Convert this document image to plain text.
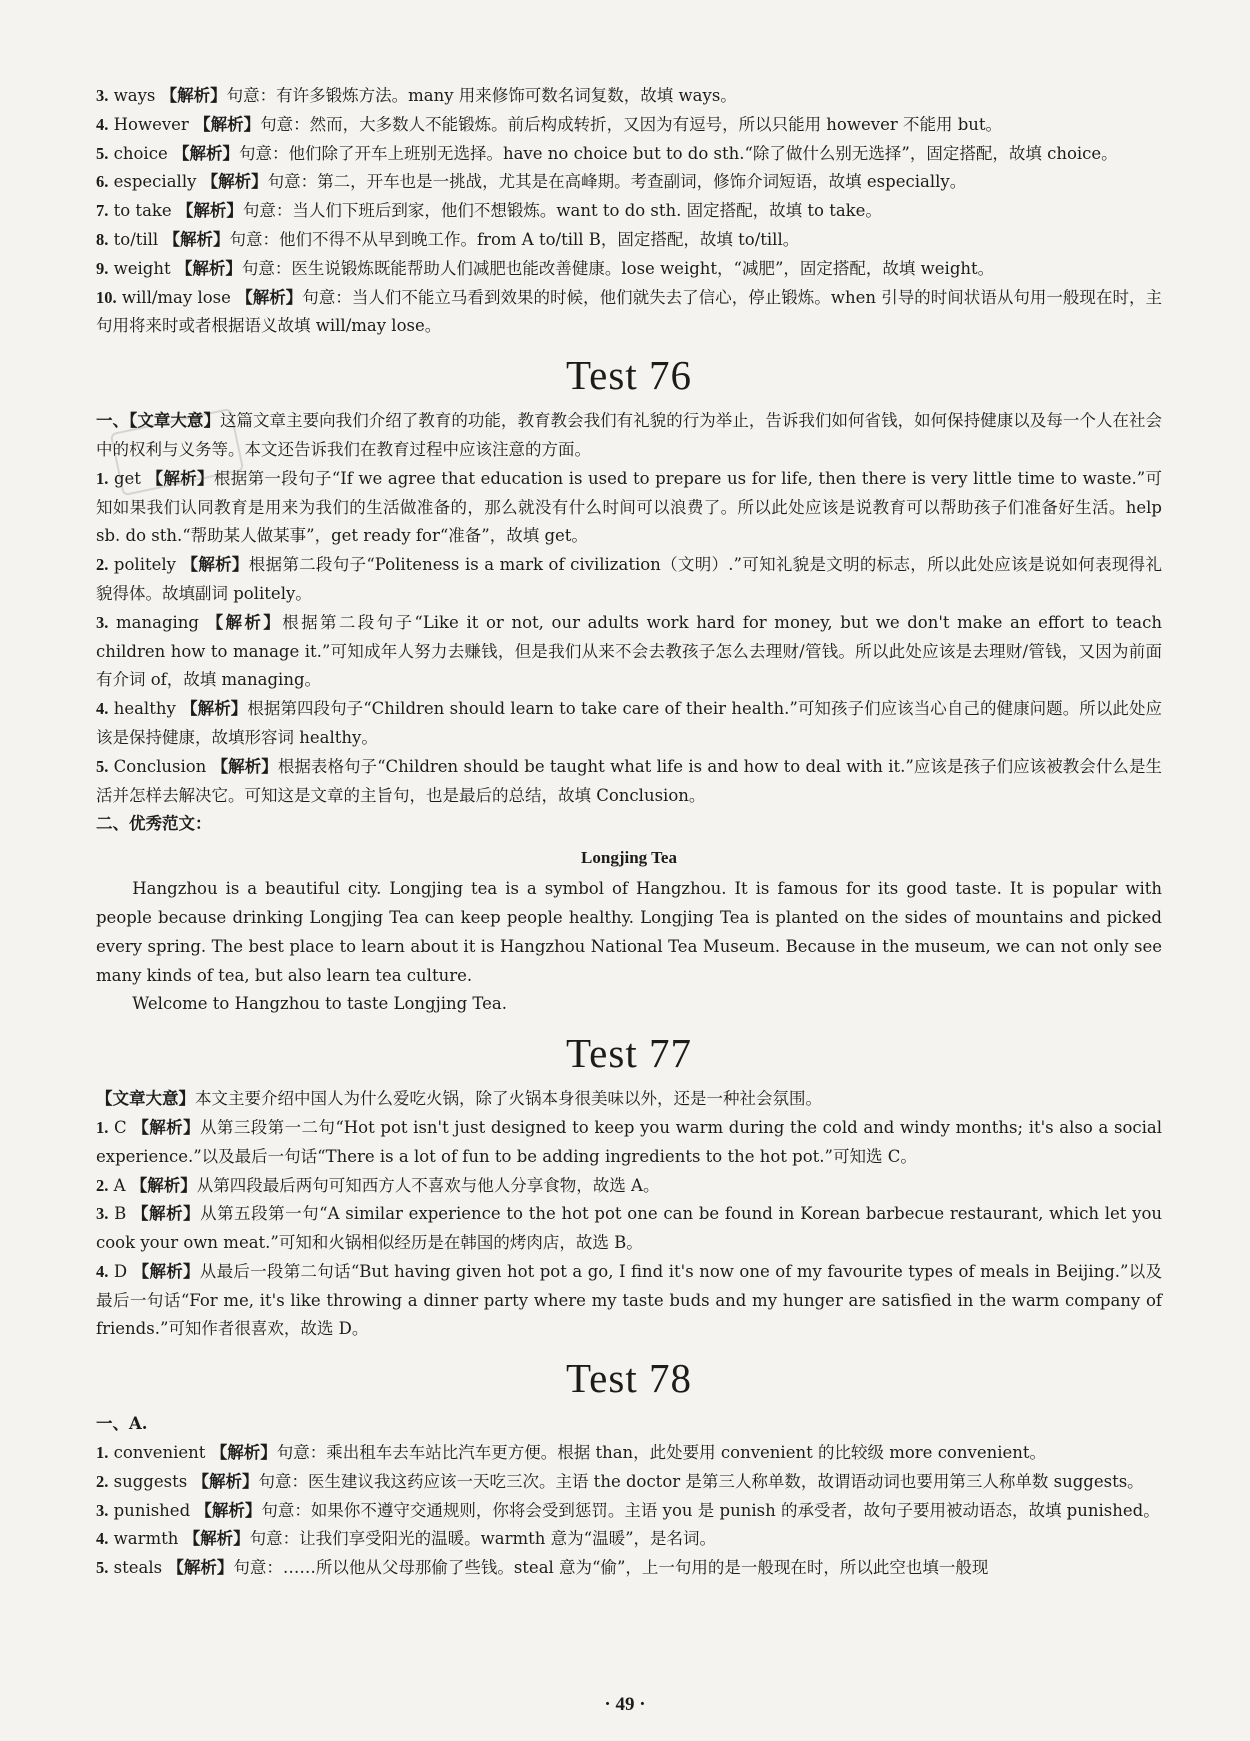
3. ways 【解析】句意：有许多锻炼方法。many 用来修饰可数名词复数，故填 ways。

4. However 【解析】句意：然而，大多数人不能锻炼。前后构成转折，又因为有逗号，所以只能用 however 不能用 but。

5. choice 【解析】句意：他们除了开车上班别无选择。have no choice but to do sth.“除了做什么别无选择”，固定搭配，故填 choice。

6. especially 【解析】句意：第二，开车也是一挑战，尤其是在高峰期。考查副词，修饰介词短语，故填 especially。

7. to take 【解析】句意：当人们下班后到家，他们不想锻炼。want to do sth. 固定搭配，故填 to take。

8. to/till 【解析】句意：他们不得不从早到晚工作。from A to/till B，固定搭配，故填 to/till。

9. weight 【解析】句意：医生说锻炼既能帮助人们减肥也能改善健康。lose weight，“减肥”，固定搭配，故填 weight。

10. will/may lose 【解析】句意：当人们不能立马看到效果的时候，他们就失去了信心，停止锻炼。when 引导的时间状语从句用一般现在时，主句用将来时或者根据语义故填 will/may lose。

Test 76

一、【文章大意】这篇文章主要向我们介绍了教育的功能，教育教会我们有礼貌的行为举止，告诉我们如何省钱，如何保持健康以及每一个人在社会中的权利与义务等。本文还告诉我们在教育过程中应该注意的方面。

1. get 【解析】根据第一段句子“If we agree that education is used to prepare us for life, then there is very little time to waste.”可知如果我们认同教育是用来为我们的生活做准备的，那么就没有什么时间可以浪费了。所以此处应该是说教育可以帮助孩子们准备好生活。help sb. do sth.“帮助某人做某事”，get ready for“准备”，故填 get。

2. politely 【解析】根据第二段句子“Politeness is a mark of civilization（文明）.”可知礼貌是文明的标志，所以此处应该是说如何表现得礼貌得体。故填副词 politely。

3. managing 【解析】根据第二段句子“Like it or not, our adults work hard for money, but we don't make an effort to teach children how to manage it.”可知成年人努力去赚钱，但是我们从来不会去教孩子怎么去理财/管钱。所以此处应该是去理财/管钱，又因为前面有介词 of，故填 managing。

4. healthy 【解析】根据第四段句子“Children should learn to take care of their health.”可知孩子们应该当心自己的健康问题。所以此处应该是保持健康，故填形容词 healthy。

5. Conclusion 【解析】根据表格句子“Children should be taught what life is and how to deal with it.”应该是孩子们应该被教会什么是生活并怎样去解决它。可知这是文章的主旨句，也是最后的总结，故填 Conclusion。

二、优秀范文：

Longjing Tea

Hangzhou is a beautiful city. Longjing tea is a symbol of Hangzhou. It is famous for its good taste. It is popular with people because drinking Longjing Tea can keep people healthy. Longjing Tea is planted on the sides of mountains and picked every spring. The best place to learn about it is Hangzhou National Tea Museum. Because in the museum, we can not only see many kinds of tea, but also learn tea culture.

Welcome to Hangzhou to taste Longjing Tea.

Test 77

【文章大意】本文主要介绍中国人为什么爱吃火锅，除了火锅本身很美味以外，还是一种社会氛围。

1. C 【解析】从第三段第一二句“Hot pot isn't just designed to keep you warm during the cold and windy months; it's also a social experience.”以及最后一句话“There is a lot of fun to be adding ingredients to the hot pot.”可知选 C。

2. A 【解析】从第四段最后两句可知西方人不喜欢与他人分享食物，故选 A。

3. B 【解析】从第五段第一句“A similar experience to the hot pot one can be found in Korean barbecue restaurant, which let you cook your own meat.”可知和火锅相似经历是在韩国的烤肉店，故选 B。

4. D 【解析】从最后一段第二句话“But having given hot pot a go, I find it's now one of my favourite types of meals in Beijing.”以及最后一句话“For me, it's like throwing a dinner party where my taste buds and my hunger are satisfied in the warm company of friends.”可知作者很喜欢，故选 D。

Test 78

一、A.

1. convenient 【解析】句意：乘出租车去车站比汽车更方便。根据 than，此处要用 convenient 的比较级 more convenient。

2. suggests 【解析】句意：医生建议我这药应该一天吃三次。主语 the doctor 是第三人称单数，故谓语动词也要用第三人称单数 suggests。

3. punished 【解析】句意：如果你不遵守交通规则，你将会受到惩罚。主语 you 是 punish 的承受者，故句子要用被动语态，故填 punished。

4. warmth 【解析】句意：让我们享受阳光的温暖。warmth 意为“温暖”，是名词。

5. steals 【解析】句意：……所以他从父母那偷了些钱。steal 意为“偷”，上一句用的是一般现在时，所以此空也填一般现

· 49 ·
